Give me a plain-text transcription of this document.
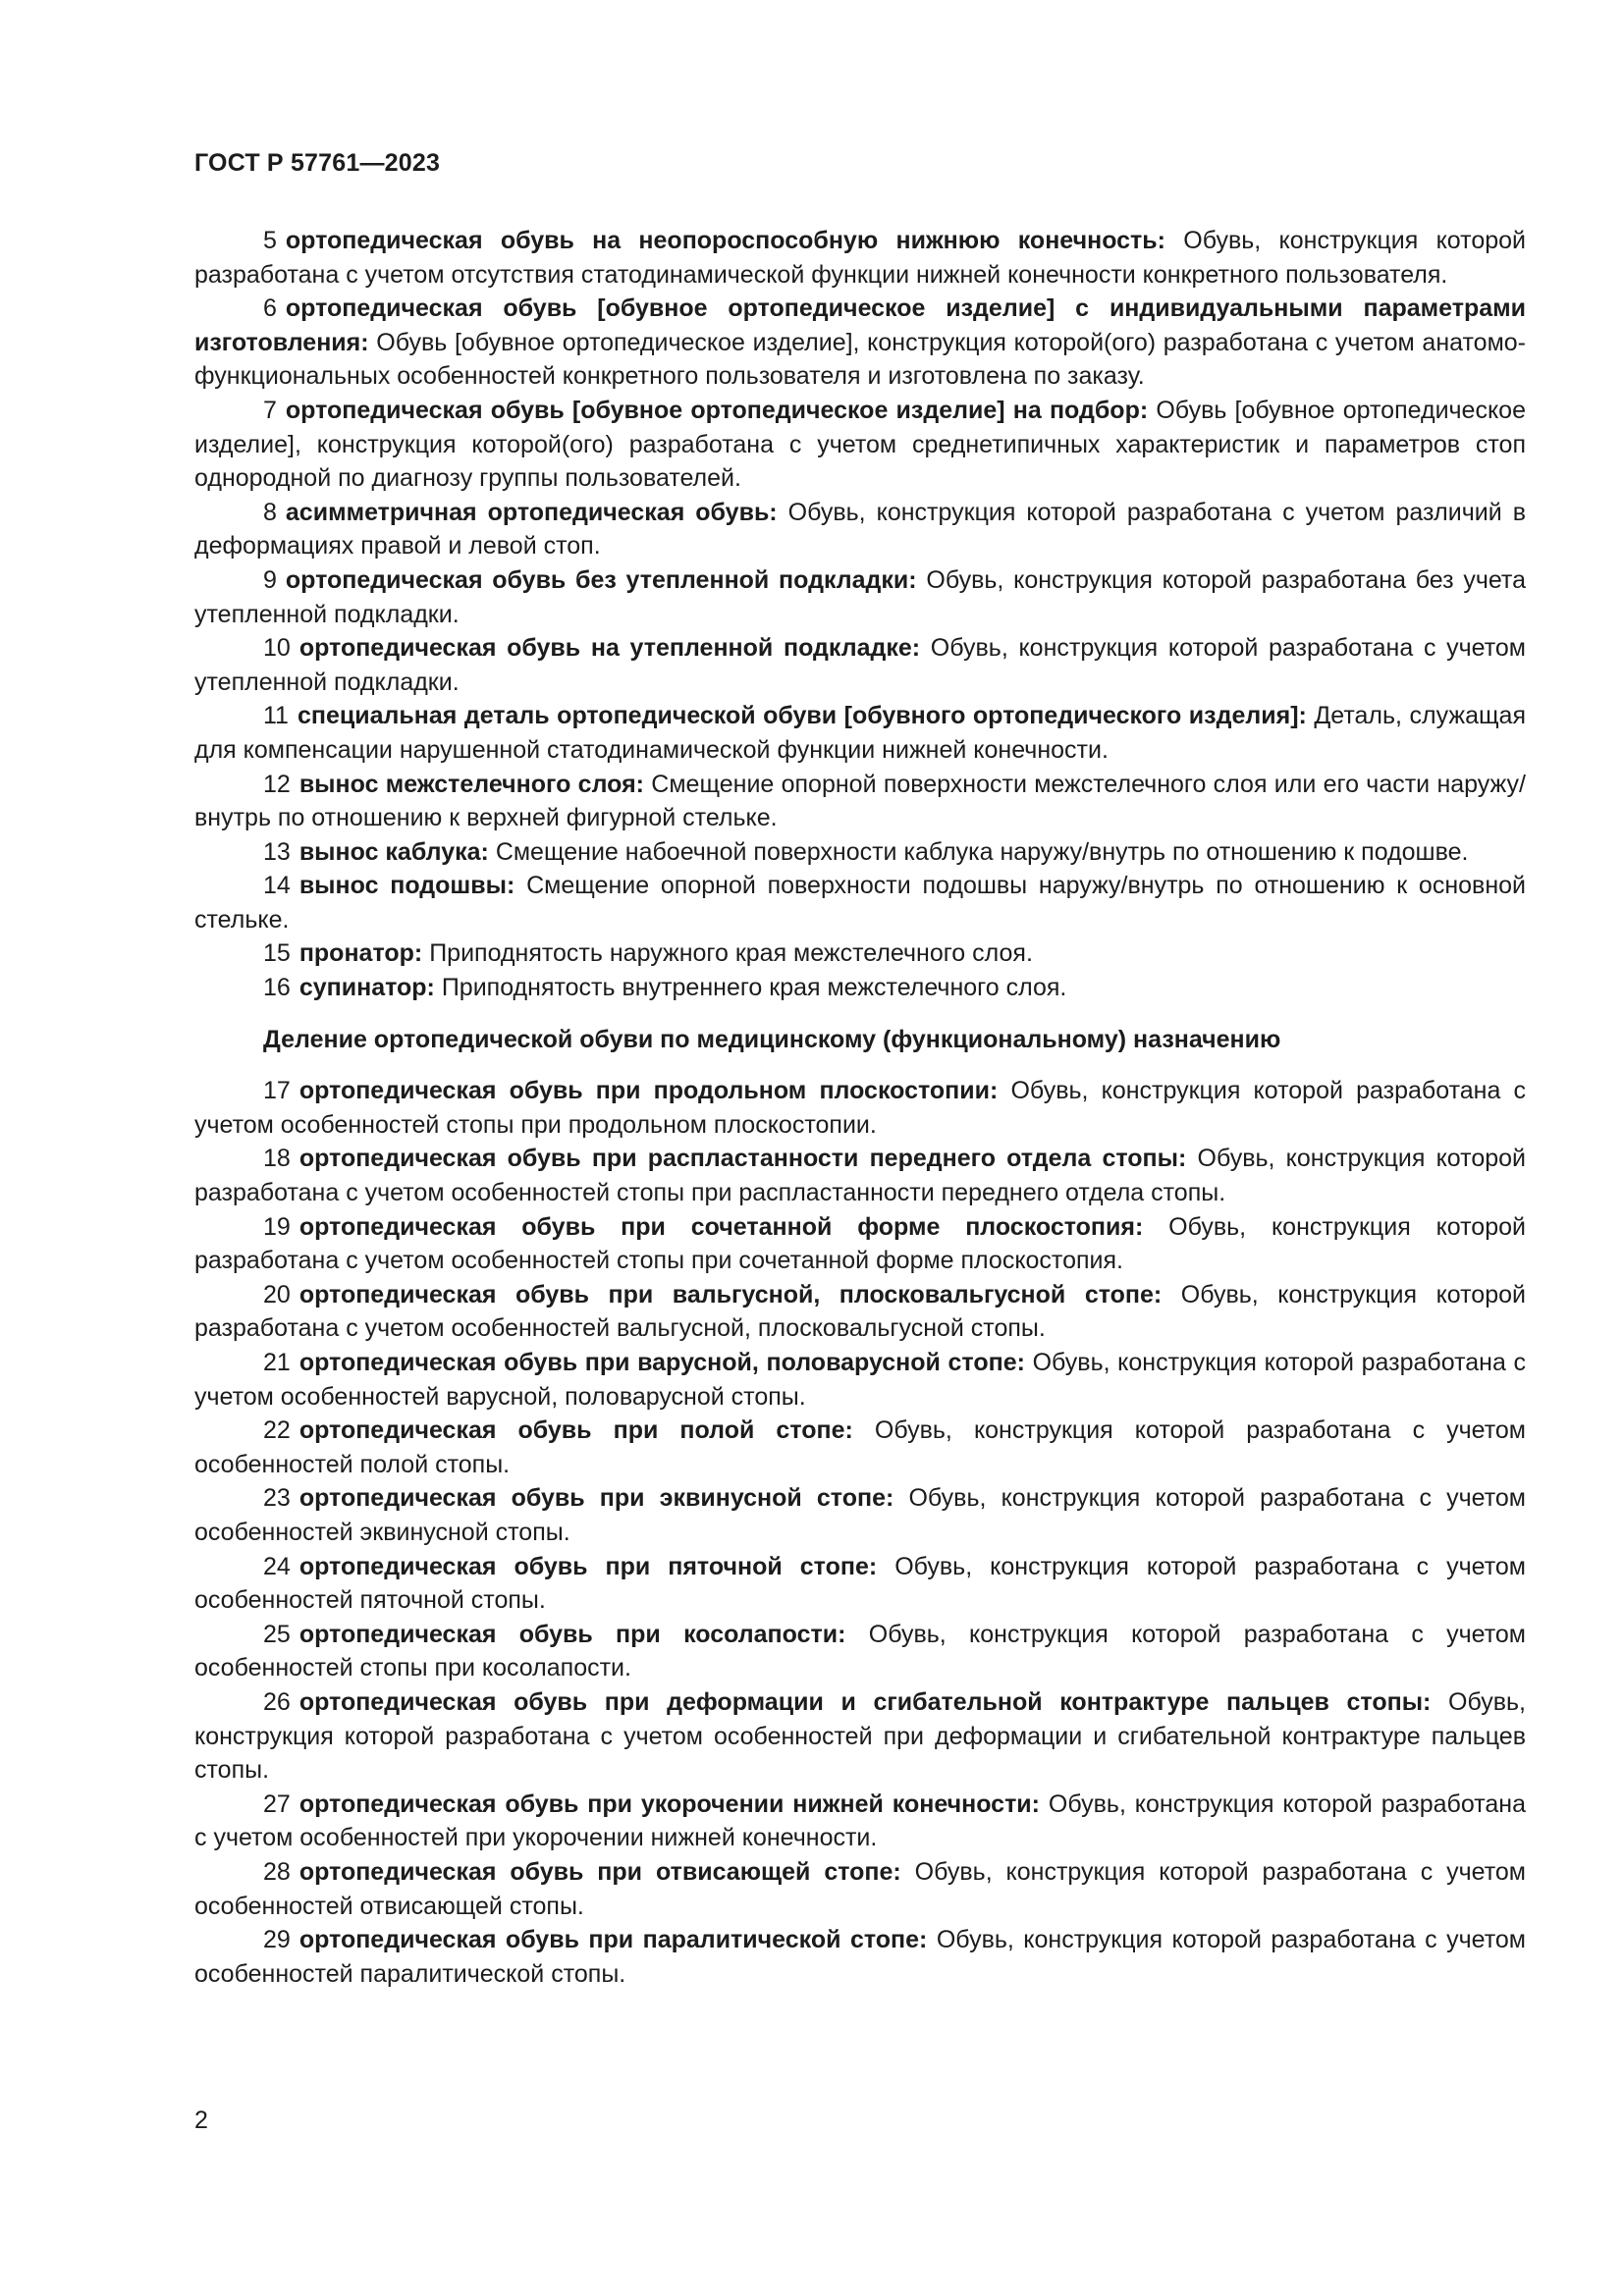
ГОСТ Р 57761—2023

5 ортопедическая обувь на неопороспособную нижнюю конечность: Обувь, конструкция которой разработана с учетом отсутствия статодинамической функции нижней конечности конкретного пользователя.

6 ортопедическая обувь [обувное ортопедическое изделие] с индивидуальными параметрами изготовления: Обувь [обувное ортопедическое изделие], конструкция которой(ого) разработана с учетом анатомо-функциональных особенностей конкретного пользователя и изготовлена по заказу.

7 ортопедическая обувь [обувное ортопедическое изделие] на подбор: Обувь [обувное ортопедическое изделие], конструкция которой(ого) разработана с учетом среднетипичных характеристик и параметров стоп однородной по диагнозу группы пользователей.

8 асимметричная ортопедическая обувь: Обувь, конструкция которой разработана с учетом различий в деформациях правой и левой стоп.

9 ортопедическая обувь без утепленной подкладки: Обувь, конструкция которой разработана без учета утепленной подкладки.

10 ортопедическая обувь на утепленной подкладке: Обувь, конструкция которой разработана с учетом утепленной подкладки.

11 специальная деталь ортопедической обуви [обувного ортопедического изделия]: Деталь, служащая для компенсации нарушенной статодинамической функции нижней конечности.

12 вынос межстелечного слоя: Смещение опорной поверхности межстелечного слоя или его части наружу/внутрь по отношению к верхней фигурной стельке.

13 вынос каблука: Смещение набоечной поверхности каблука наружу/внутрь по отношению к подошве.

14 вынос подошвы: Смещение опорной поверхности подошвы наружу/внутрь по отношению к основной стельке.

15 пронатор: Приподнятость наружного края межстелечного слоя.

16 супинатор: Приподнятость внутреннего края межстелечного слоя.

Деление ортопедической обуви по медицинскому (функциональному) назначению

17 ортопедическая обувь при продольном плоскостопии: Обувь, конструкция которой разработана с учетом особенностей стопы при продольном плоскостопии.

18 ортопедическая обувь при распластанности переднего отдела стопы: Обувь, конструкция которой разработана с учетом особенностей стопы при распластанности переднего отдела стопы.

19 ортопедическая обувь при сочетанной форме плоскостопия: Обувь, конструкция которой разработана с учетом особенностей стопы при сочетанной форме плоскостопия.

20 ортопедическая обувь при вальгусной, плосковальгусной стопе: Обувь, конструкция которой разработана с учетом особенностей вальгусной, плосковальгусной стопы.

21 ортопедическая обувь при варусной, половарусной стопе: Обувь, конструкция которой разработана с учетом особенностей варусной, половарусной стопы.

22 ортопедическая обувь при полой стопе: Обувь, конструкция которой разработана с учетом особенностей полой стопы.

23 ортопедическая обувь при эквинусной стопе: Обувь, конструкция которой разработана с учетом особенностей эквинусной стопы.

24 ортопедическая обувь при пяточной стопе: Обувь, конструкция которой разработана с учетом особенностей пяточной стопы.

25 ортопедическая обувь при косолапости: Обувь, конструкция которой разработана с учетом особенностей стопы при косолапости.

26 ортопедическая обувь при деформации и сгибательной контрактуре пальцев стопы: Обувь, конструкция которой разработана с учетом особенностей при деформации и сгибательной контрактуре пальцев стопы.

27 ортопедическая обувь при укорочении нижней конечности: Обувь, конструкция которой разработана с учетом особенностей при укорочении нижней конечности.

28 ортопедическая обувь при отвисающей стопе: Обувь, конструкция которой разработана с учетом особенностей отвисающей стопы.

29 ортопедическая обувь при паралитической стопе: Обувь, конструкция которой разработана с учетом особенностей паралитической стопы.

2
